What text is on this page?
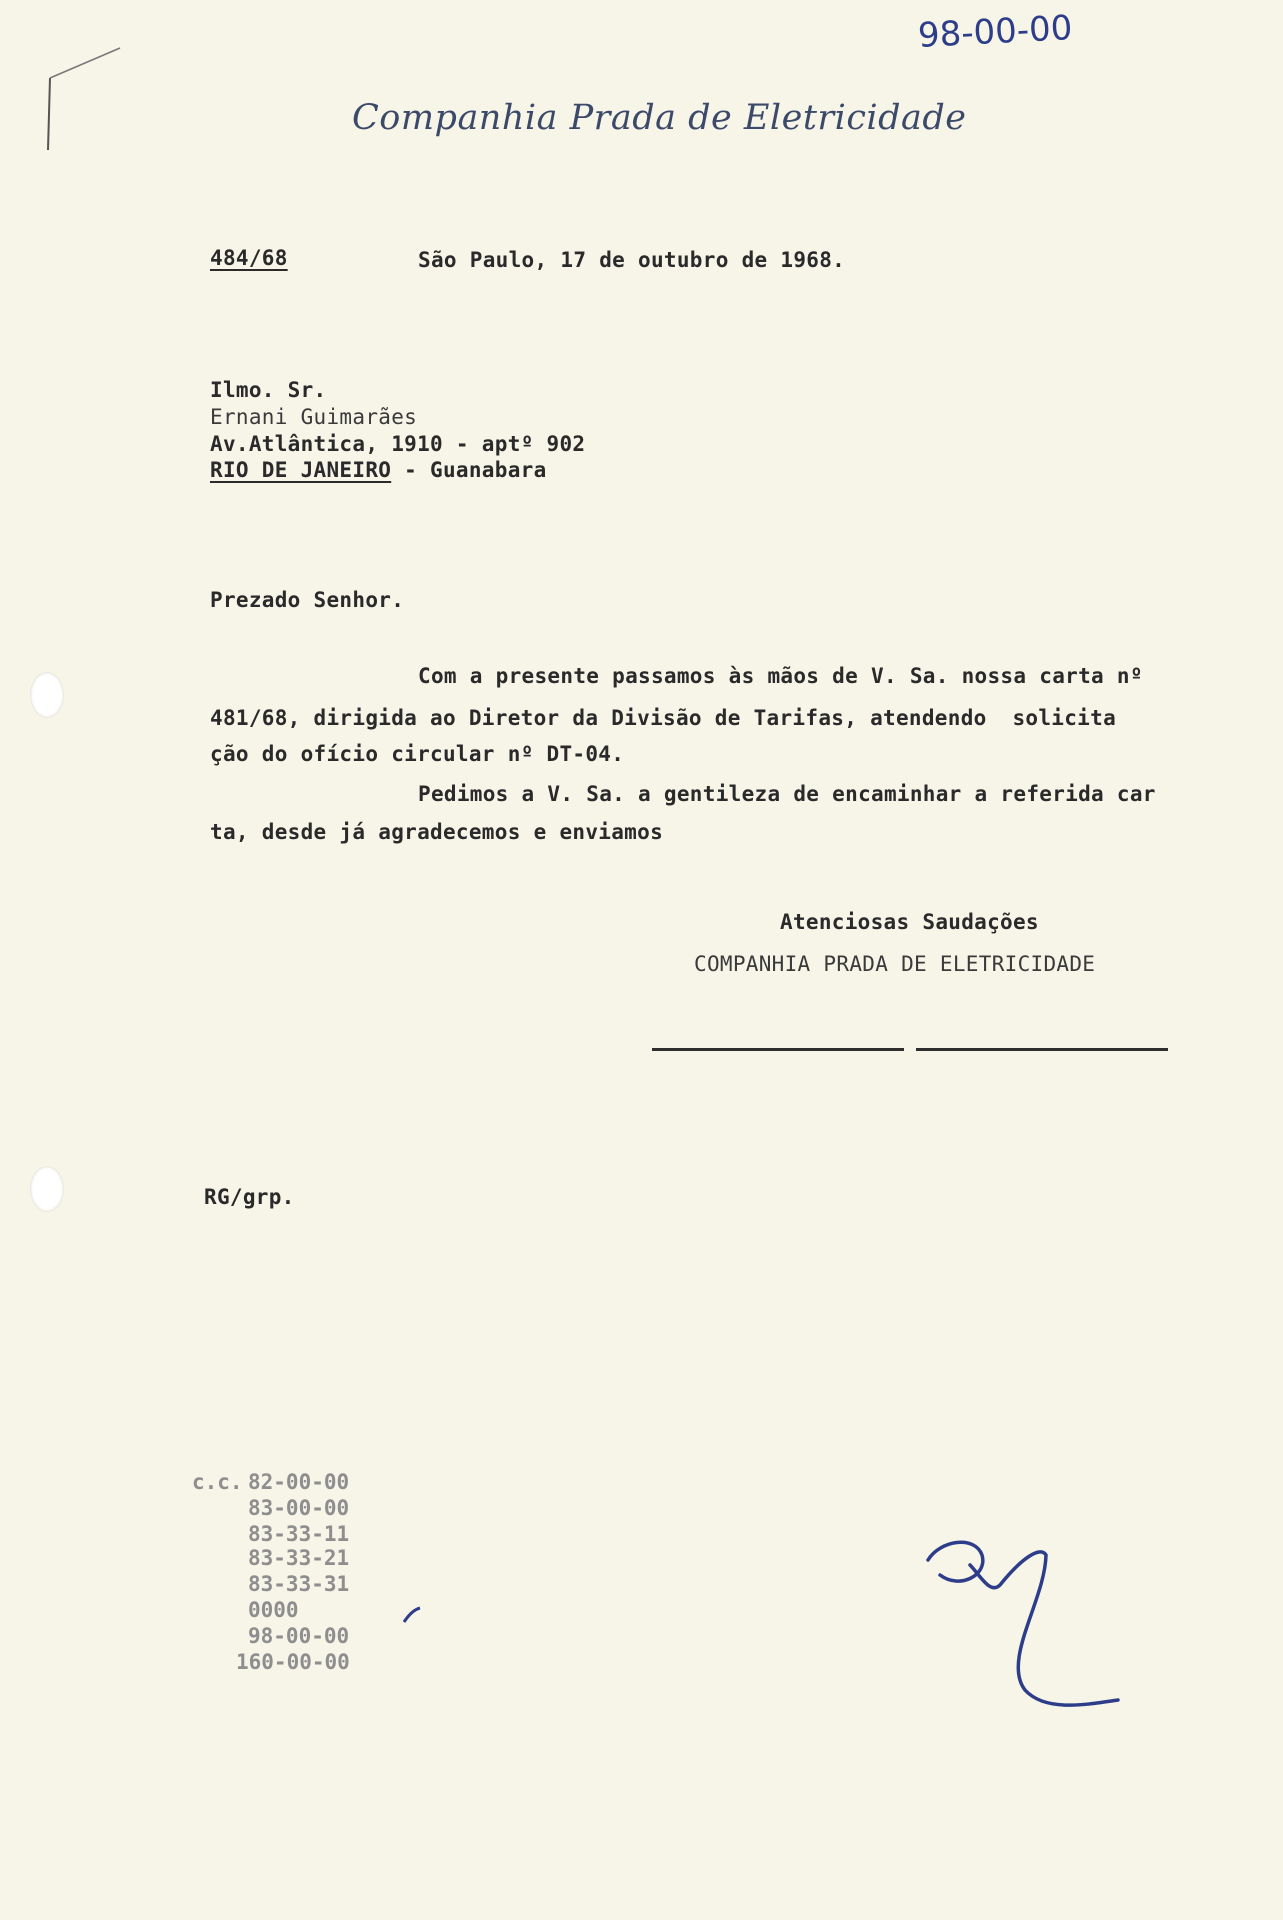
98-00-00
Companhia Prada de Eletricidade
484/68	São Paulo, 17 de outubro de 1968.
Ilmo. Sr.
Ernani Guimarães
Av.Atlântica, 1910 - aptº 902
RIO DE JANEIRO - Guanabara
Prezado Senhor.
Com a presente passamos às mãos de V. Sa. nossa carta nº
481/68, dirigida ao Diretor da Divisão de Tarifas, atendendo  solicita
ção do ofício circular nº DT-04.
Pedimos a V. Sa. a gentileza de encaminhar a referida car
ta, desde já agradecemos e enviamos
Atenciosas Saudações
COMPANHIA PRADA DE ELETRICIDADE
RG/grp.
c.c. 82-00-00
83-00-00
83-33-11
83-33-21
83-33-31
0000
98-00-00
160-00-00
